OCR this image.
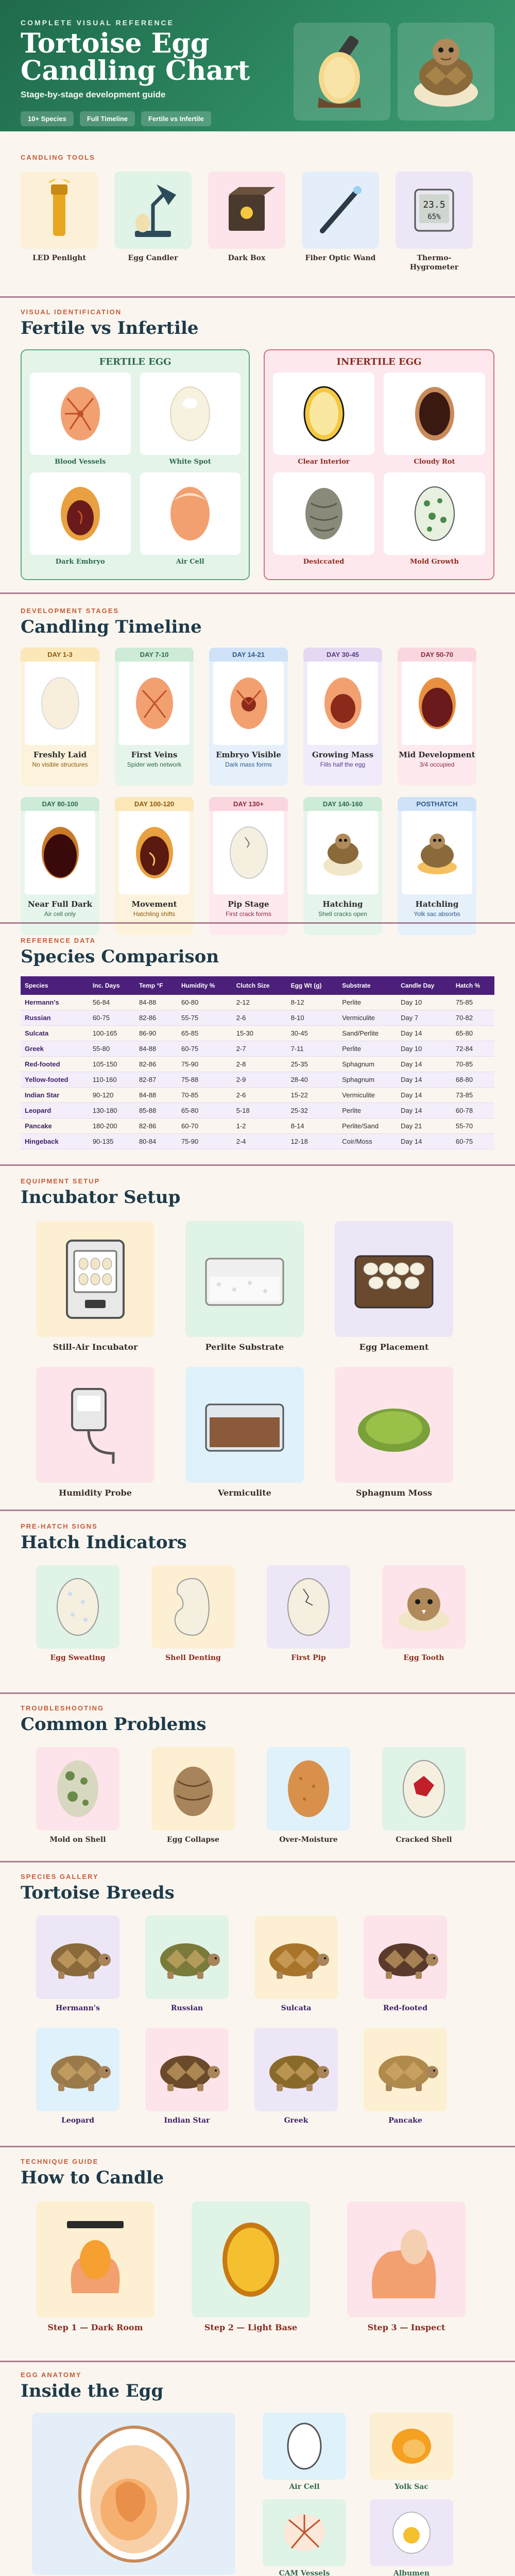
COMPLETE VISUAL REFERENCE
Tortoise Egg
Candling Chart
Stage-by-stage development guide
10+ Species	Full Timeline	Fertile vs Infertile
CANDLING TOOLS
LED Penlight	Egg Candler	Dark Box	Fiber Optic Wand
23.5
65%
Thermo-Hygrometer
VISUAL IDENTIFICATION
Fertile vs Infertile
FERTILE EGG
Blood Vessels	White Spot
Dark Embryo	Air Cell
INFERTILE EGG
Clear Interior	Cloudy Rot
Desiccated	Mold Growth
DEVELOPMENT STAGES
Candling Timeline
DAY 1-3
Freshly Laid
No visible structures
DAY 7-10
First Veins
Spider web network
DAY 14-21
Embryo Visible
Dark mass forms
DAY 30-45
Growing Mass
Fills half the egg
DAY 50-70
Mid Development
3/4 occupied
DAY 80-100
Near Full Dark
Air cell only
DAY 100-120
Movement
Hatchling shifts
DAY 130+
Pip Stage
First crack forms
DAY 140-160
Hatching
Shell cracks open
POSTHATCH
Hatchling
Yolk sac absorbs
REFERENCE DATA
Species Comparison
Species	Inc. Days	Temp °F	Humidity %	Clutch Size	Egg Wt (g)	Substrate	Candle Day	Hatch %
Hermann's	56-84	84-88	60-80	2-12	8-12	Perlite	Day 10	75-85
Russian	60-75	82-86	55-75	2-6	8-10	Vermiculite	Day 7	70-82
Sulcata	100-165	86-90	65-85	15-30	30-45	Sand/Perlite	Day 14	65-80
Greek	55-80	84-88	60-75	2-7	7-11	Perlite	Day 10	72-84
Red-footed	105-150	82-86	75-90	2-8	25-35	Sphagnum	Day 14	70-85
Yellow-footed	110-160	82-87	75-88	2-9	28-40	Sphagnum	Day 14	68-80
Indian Star	90-120	84-88	70-85	2-6	15-22	Vermiculite	Day 14	73-85
Leopard	130-180	85-88	65-80	5-18	25-32	Perlite	Day 14	60-78
Pancake	180-200	82-86	60-70	1-2	8-14	Perlite/Sand	Day 21	55-70
Hingeback	90-135	80-84	75-90	2-4	12-18	Coir/Moss	Day 14	60-75
EQUIPMENT SETUP
Incubator Setup
Still-Air Incubator	Perlite Substrate	Egg Placement
Humidity Probe	Vermiculite	Sphagnum Moss
PRE-HATCH SIGNS
Hatch Indicators
Egg Sweating	Shell Denting	First Pip	Egg Tooth
TROUBLESHOOTING
Common Problems
Mold on Shell	Egg Collapse	Over-Moisture	Cracked Shell
SPECIES GALLERY
Tortoise Breeds
Hermann's	Russian	Sulcata	Red-footed
Leopard	Indian Star	Greek	Pancake
TECHNIQUE GUIDE
How to Candle
Step 1 — Dark Room	Step 2 — Light Base	Step 3 — Inspect
EGG ANATOMY
Inside the Egg
Air Cell	Yolk Sac
CAM Vessels	Albumen
